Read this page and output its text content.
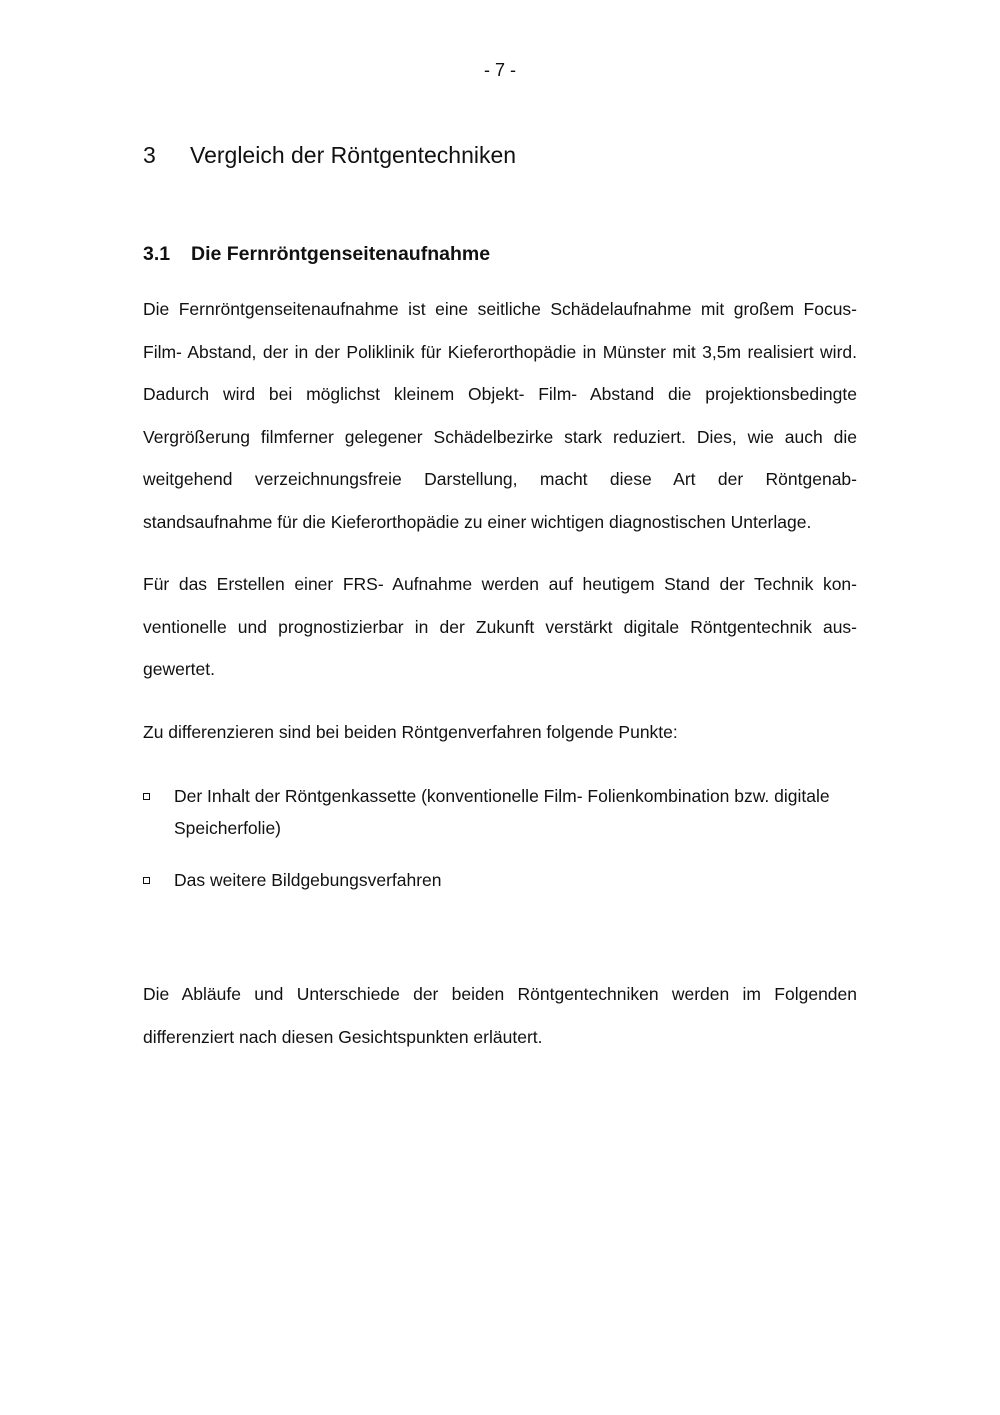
- 7 -
3 Vergleich der Röntgentechniken
3.1 Die Fernröntgenseitenaufnahme

Die Fernröntgenseitenaufnahme ist eine seitliche Schädelaufnahme mit großem Focus- Film- Abstand, der in der Poliklinik für Kieferorthopädie in Münster mit 3,5m realisiert wird. Dadurch wird bei möglichst kleinem Objekt- Film- Abstand die projektionsbedingte Vergrößerung filmferner gelegener Schädelbezirke stark reduziert. Dies, wie auch die weitgehend verzeichnungsfreie Darstellung, macht diese Art der Röntgenabstandsaufnahme für die Kieferorthopädie zu einer wichtigen diagnostischen Unterlage.

Für das Erstellen einer FRS- Aufnahme werden auf heutigem Stand der Technik konventionelle und prognostizierbar in der Zukunft verstärkt digitale Röntgentechnik ausgewertet.

Zu differenzieren sind bei beiden Röntgenverfahren folgende Punkte:

Der Inhalt der Röntgenkassette (konventionelle Film- Folienkombination bzw. digitale Speicherfolie)
Das weitere Bildgebungsverfahren

Die Abläufe und Unterschiede der beiden Röntgentechniken werden im Folgenden differenziert nach diesen Gesichtspunkten erläutert.
